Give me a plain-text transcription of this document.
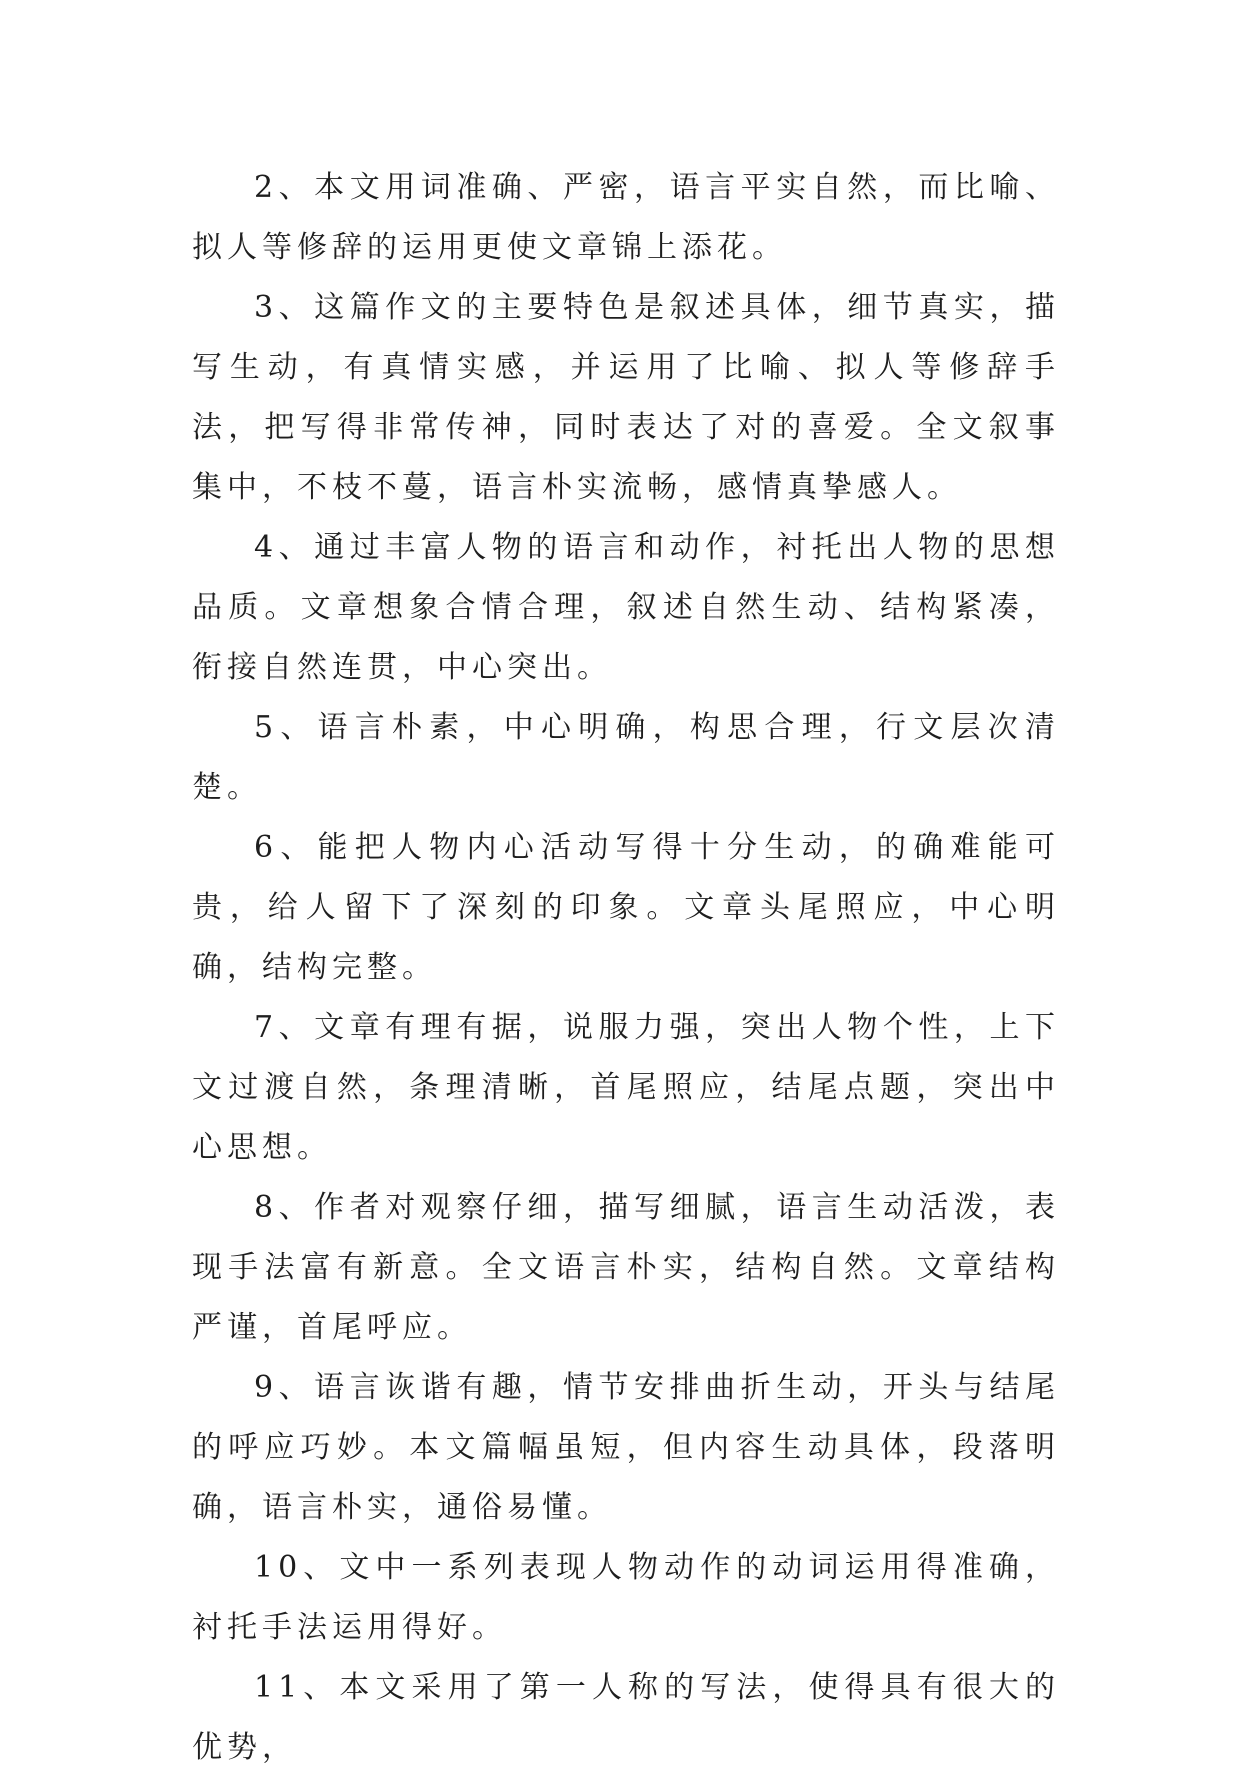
2、本文用词准确、严密，语言平实自然，而比喻、拟人等修辞的运用更使文章锦上添花。

3、这篇作文的主要特色是叙述具体，细节真实，描写生动，有真情实感，并运用了比喻、拟人等修辞手法，把写得非常传神，同时表达了对的喜爱。全文叙事集中，不枝不蔓，语言朴实流畅，感情真挚感人。

4、通过丰富人物的语言和动作，衬托出人物的思想品质。文章想象合情合理，叙述自然生动、结构紧凑，衔接自然连贯，中心突出。

5、语言朴素，中心明确，构思合理，行文层次清楚。

6、能把人物内心活动写得十分生动，的确难能可贵，给人留下了深刻的印象。文章头尾照应，中心明确，结构完整。

7、文章有理有据，说服力强，突出人物个性，上下文过渡自然，条理清晰，首尾照应，结尾点题，突出中心思想。

8、作者对观察仔细，描写细腻，语言生动活泼，表现手法富有新意。全文语言朴实，结构自然。文章结构严谨，首尾呼应。

9、语言诙谐有趣，情节安排曲折生动，开头与结尾的呼应巧妙。本文篇幅虽短，但内容生动具体，段落明确，语言朴实，通俗易懂。

10、文中一系列表现人物动作的动词运用得准确，衬托手法运用得好。

11、本文采用了第一人称的写法，使得具有很大的优势，
